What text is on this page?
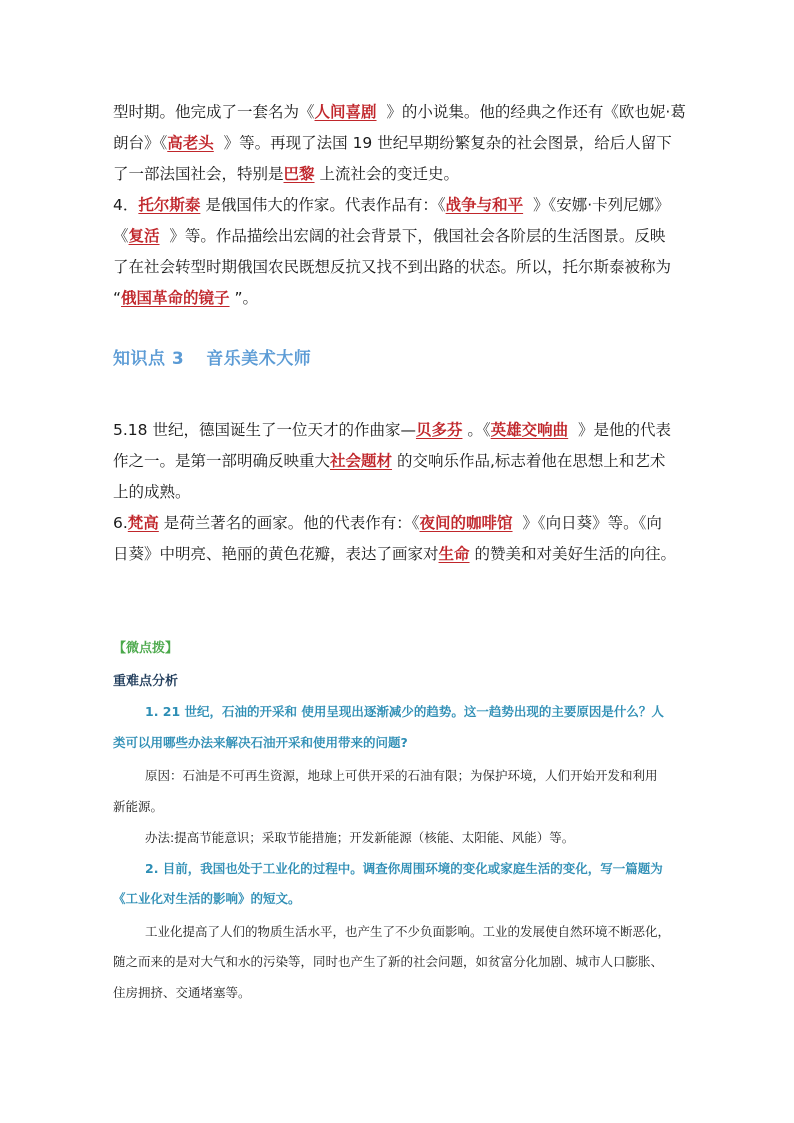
型时期。他完成了一套名为《人间喜剧 》的小说集。他的经典之作还有《欧也妮·葛
朗台》《高老头 》等。再现了法国 19 世纪早期纷繁复杂的社会图景，给后人留下
了一部法国社会，特别是巴黎 上流社会的变迁史。
4．托尔斯泰 是俄国伟大的作家。代表作品有：《战争与和平 》《安娜·卡列尼娜》
《复活 》等。作品描绘出宏阔的社会背景下，俄国社会各阶层的生活图景。反映
了在社会转型时期俄国农民既想反抗又找不到出路的状态。所以，托尔斯泰被称为
“俄国革命的镜子 ”。
知识点 3 音乐美术大师
5.18 世纪，德国诞生了一位天才的作曲家—贝多芬 。《英雄交响曲 》是他的代表
作之一。是第一部明确反映重大社会题材 的交响乐作品,标志着他在思想上和艺术
上的成熟。
6.梵高 是荷兰著名的画家。他的代表作有：《夜间的咖啡馆 》《向日葵》等。《向
日葵》中明亮、艳丽的黄色花瓣，表达了画家对生命 的赞美和对美好生活的向往。

【微点拨】

重难点分析

1. 21 世纪，石油的开采和 使用呈现出逐渐减少的趋势。这一趋势出现的主要原因是什么？人

类可以用哪些办法来解决石油开采和使用带来的问题?

原因：石油是不可再生资源，地球上可供开采的石油有限；为保护环境，人们开始开发和利用

新能源。

办法:提高节能意识；采取节能措施；开发新能源（核能、太阳能、风能）等。

2. 目前，我国也处于工业化的过程中。调查你周围环境的变化或家庭生活的变化，写一篇题为

《工业化对生活的影响》的短文。

工业化提高了人们的物质生活水平，也产生了不少负面影响。工业的发展使自然环境不断恶化，

随之而来的是对大气和水的污染等，同时也产生了新的社会问题，如贫富分化加剧、城市人口膨胀、

住房拥挤、交通堵塞等。
